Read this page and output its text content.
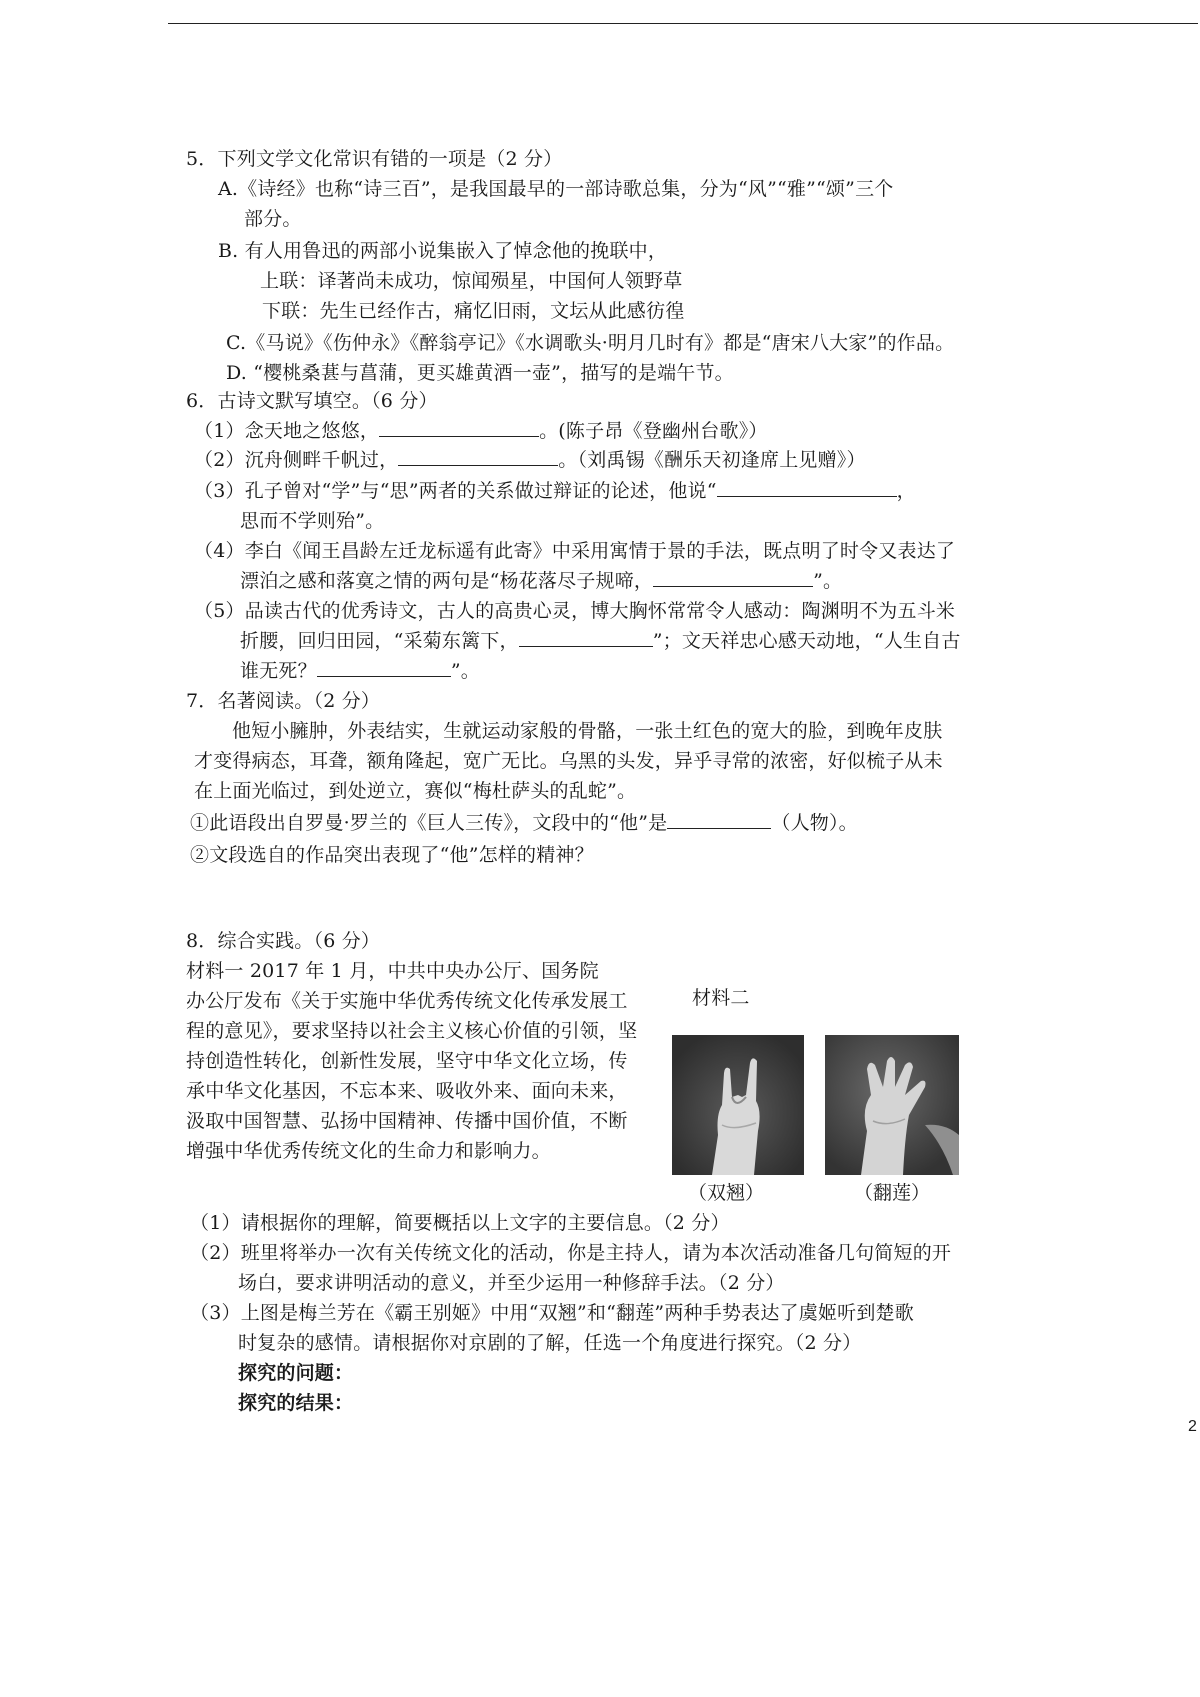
5．下列文学文化常识有错的一项是（2 分）
A.《诗经》也称“诗三百”，是我国最早的一部诗歌总集，分为“风”“雅”“颂”三个
部分。
B. 有人用鲁迅的两部小说集嵌入了悼念他的挽联中，
上联：译著尚未成功，惊闻殒星，中国何人领野草
下联：先生已经作古，痛忆旧雨，文坛从此感彷徨
C.《马说》《伤仲永》《醉翁亭记》《水调歌头·明月几时有》都是“唐宋八大家”的作品。
D. “樱桃桑葚与菖蒲，更买雄黄酒一壶”，描写的是端午节。
6．古诗文默写填空。（6 分）
（1）念天地之悠悠，	。(陈子昂《登幽州台歌》）
（2）沉舟侧畔千帆过，	。（刘禹锡《酬乐天初逢席上见赠》）
（3）孔子曾对“学”与“思”两者的关系做过辩证的论述，他说“	，
思而不学则殆”。
（4）李白《闻王昌龄左迁龙标遥有此寄》中采用寓情于景的手法，既点明了时令又表达了
漂泊之感和落寞之情的两句是“杨花落尽子规啼，	”。
（5）品读古代的优秀诗文，古人的高贵心灵，博大胸怀常常令人感动：陶渊明不为五斗米
折腰，回归田园，“采菊东篱下，	”；文天祥忠心感天动地，“人生自古
谁无死？	”。
7．名著阅读。（2 分）
他短小臃肿，外表结实，生就运动家般的骨骼，一张土红色的宽大的脸，到晚年皮肤
才变得病态，耳聋，额角隆起，宽广无比。乌黑的头发，异乎寻常的浓密，好似梳子从未
在上面光临过，到处逆立，赛似“梅杜萨头的乱蛇”。
①此语段出自罗曼·罗兰的《巨人三传》，文段中的“他”是	（人物）。
②文段选自的作品突出表现了“他”怎样的精神？
8．综合实践。（6 分）
材料一 2017 年 1 月，中共中央办公厅、国务院
办公厅发布《关于实施中华优秀传统文化传承发展工
程的意见》，要求坚持以社会主义核心价值的引领，坚
持创造性转化，创新性发展，坚守中华文化立场，传
承中华文化基因，不忘本来、吸收外来、面向未来，
汲取中国智慧、弘扬中国精神、传播中国价值，不断
增强中华优秀传统文化的生命力和影响力。
材料二
（双翘）	（翻莲）
（1）请根据你的理解，简要概括以上文字的主要信息。（2 分）
（2）班里将举办一次有关传统文化的活动，你是主持人，请为本次活动准备几句简短的开
场白，要求讲明活动的意义，并至少运用一种修辞手法。（2 分）
（3）上图是梅兰芳在《霸王别姬》中用“双翘”和“翻莲”两种手势表达了虞姬听到楚歌
时复杂的感情。请根据你对京剧的了解，任选一个角度进行探究。（2 分）
探究的问题：
探究的结果：
2
